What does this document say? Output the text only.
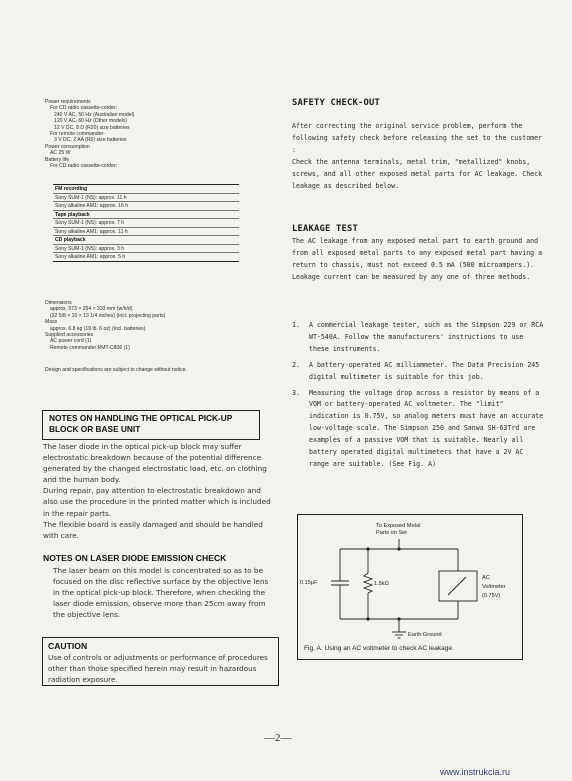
Power requirements
For CD radio cassette-corder:
240 V AC, 50 Hz (Australian model)
120 V AC, 60 Hz (Other models)
12 V DC, 8 D (R20) size batteries
For remote commander:
3 V DC, 2 AA (R6) size batteries
Power consumption
AC 25 W
Battery life
For CD radio cassette-corder:
FM recording
Sony SUM-1 (NS): approx. 11 h
Sony alkaline AM1: approx. 16 h
Tape playback
Sony SUM-1 (NS): approx. 7 h
Sony alkaline AM1: approx. 11 h
CD playback
Sony SUM-1 (NS): approx. 3 h
Sony alkaline AM1: approx. 5 h
Dimensions
approx. 573 × 254 × 333 mm (w/h/d)
(22 5/8 × 10 × 13 1/4 inches) (incl. projecting parts)
Mass
approx. 6.8 kg (19 lb. 6 oz) (incl. batteries)
Supplied accessories
AC power cord (1)
Remote commander RMT-C806 (1)
Design and specifications are subject to change without notice.
NOTES ON HANDLING THE OPTICAL PICK-UP BLOCK OR BASE UNIT
The laser diode in the optical pick-up block may suffer electrostatic breakdown because of the potential difference generated by the changed electrostatic load, etc. on clothing and the human body.
During repair, pay attention to electrostatic breakdown and also use the procedure in the printed matter which is included in the repair parts.
The flexible board is easily damaged and should be handled with care.
NOTES ON LASER DIODE EMISSION CHECK
The laser beam on this model is concentrated so as to be focused on the disc reflective surface by the objective lens in the optical pick-up block. Therefore, when checking the laser diode emission, observe more than 25cm away from the objective lens.
CAUTION
Use of controls or adjustments or performance of procedures other than those specified herein may result in hazardous radiation exposure.
SAFETY CHECK-OUT
After correcting the original service problem, perform the following safety check before releasing the set to the customer :
Check the antenna terminals, metal trim, "metallized" knobs, screws, and all other exposed metal parts for AC leakage. Check leakage as described below.
LEAKAGE TEST
The AC leakage from any exposed metal part to earth ground and from all exposed metal parts to any exposed metal part having a return to chassis, must not exceed 0.5 mA (500 microampers.).
Leakage current can be measured by any one of three methods.
1. A commercial leakage tester, such as the Simpson 229 or RCA WT-540A. Follow the manufacturers' instructions to use these instruments.
2. A battery-operated AC milliammeter. The Data Precision 245 digital multimeter is suitable for this job.
3. Measuring the voltage drop across a resistor by means of a VOM or battery-operated AC voltmeter. The "limit" indication is 0.75V, so analog meters must have an accurate low-voltage scale. The Simpson 250 and Sanwa SH-63Trd are examples of a passive VOM that is suitable. Nearly all battery operated digital multimeters that have a 2V AC range are suitable. (See Fig. A)
To Exposed Metal
Parts on Set
0.15μF	1.5kΩ
AC
Voltmeter
(0.75V)
Earth Ground
Fig. A. Using an AC voltmeter to check AC leakage.
—2—
www.instrukcia.ru
